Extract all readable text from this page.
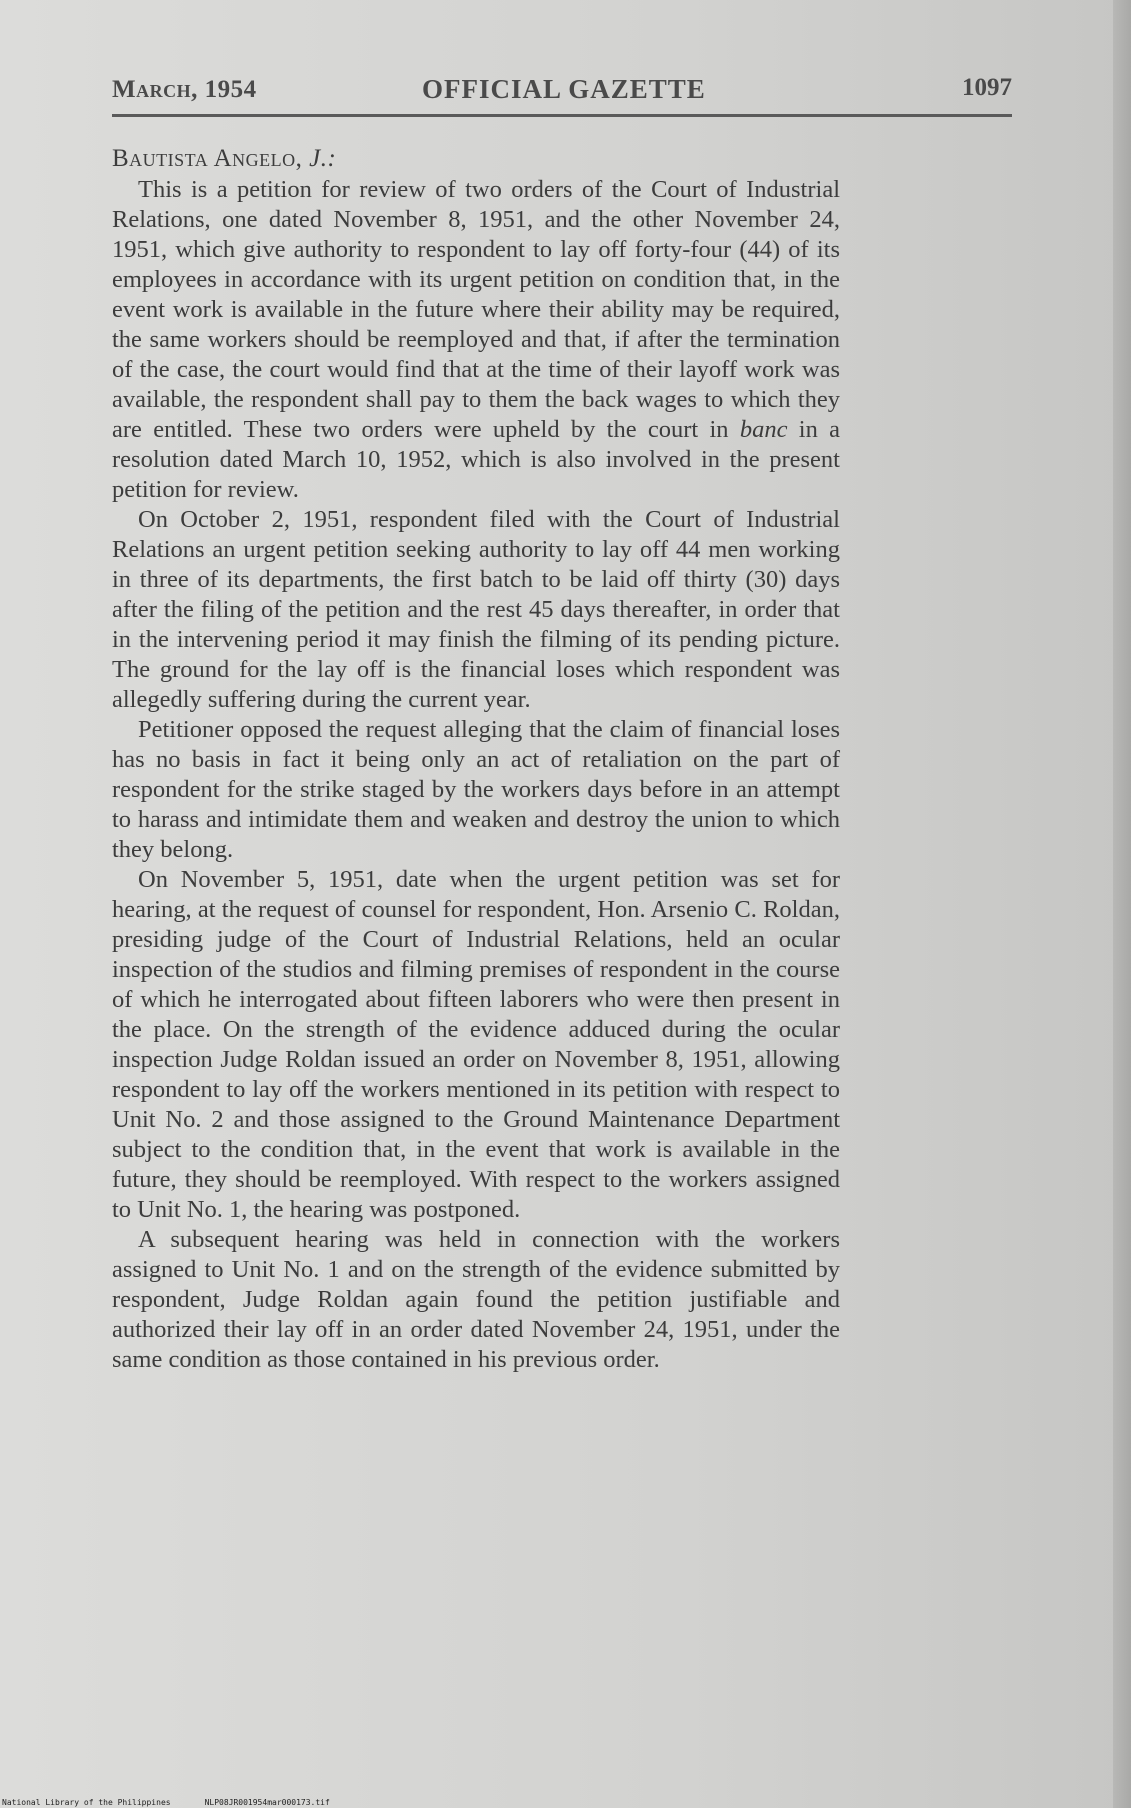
March, 1954	OFFICIAL GAZETTE	1097
Bautista Angelo, J.:

This is a petition for review of two orders of the Court of Industrial Relations, one dated November 8, 1951, and the other November 24, 1951, which give authority to respondent to lay off forty-four (44) of its employees in accordance with its urgent petition on condition that, in the event work is available in the future where their ability may be required, the same workers should be reemployed and that, if after the termination of the case, the court would find that at the time of their layoff work was available, the respondent shall pay to them the back wages to which they are entitled. These two orders were upheld by the court in banc in a resolution dated March 10, 1952, which is also involved in the present petition for review.

On October 2, 1951, respondent filed with the Court of Industrial Relations an urgent petition seeking authority to lay off 44 men working in three of its departments, the first batch to be laid off thirty (30) days after the filing of the petition and the rest 45 days thereafter, in order that in the intervening period it may finish the filming of its pending picture. The ground for the lay off is the financial loses which respondent was allegedly suffering during the current year.

Petitioner opposed the request alleging that the claim of financial loses has no basis in fact it being only an act of retaliation on the part of respondent for the strike staged by the workers days before in an attempt to harass and intimidate them and weaken and destroy the union to which they belong.

On November 5, 1951, date when the urgent petition was set for hearing, at the request of counsel for respondent, Hon. Arsenio C. Roldan, presiding judge of the Court of Industrial Relations, held an ocular inspection of the studios and filming premises of respondent in the course of which he interrogated about fifteen laborers who were then present in the place. On the strength of the evidence adduced during the ocular inspection Judge Roldan issued an order on November 8, 1951, allowing respondent to lay off the workers mentioned in its petition with respect to Unit No. 2 and those assigned to the Ground Maintenance Department subject to the condition that, in the event that work is available in the future, they should be reemployed. With respect to the workers assigned to Unit No. 1, the hearing was postponed.

A subsequent hearing was held in connection with the workers assigned to Unit No. 1 and on the strength of the evidence submitted by respondent, Judge Roldan again found the petition justifiable and authorized their lay off in an order dated November 24, 1951, under the same condition as those contained in his previous order.

National Library of the Philippines	NLP08JR001954mar000173.tif
